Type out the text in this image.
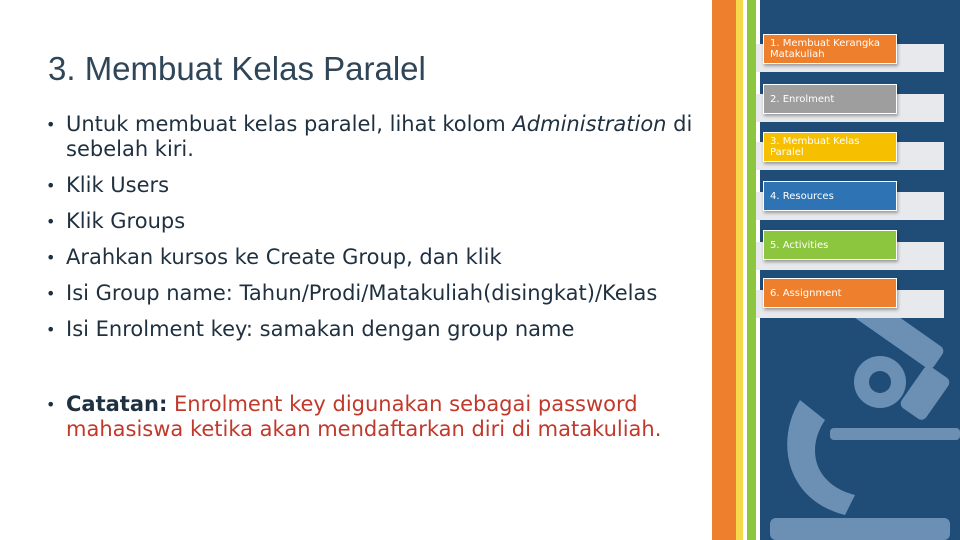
1. Membuat Kerangka Matakuliah
2. Enrolment
3. Membuat Kelas Paralel
4. Resources
5. Activities
6. Assignment
3. Membuat Kelas Paralel
• Untuk membuat kelas paralel, lihat kolom Administration di sebelah kiri.
• Klik Users
• Klik Groups
• Arahkan kursos ke Create Group, dan klik
• Isi Group name: Tahun/Prodi/Matakuliah(disingkat)/Kelas
• Isi Enrolment key: samakan dengan group name
• Catatan: Enrolment key digunakan sebagai password mahasiswa ketika akan mendaftarkan diri di matakuliah.
